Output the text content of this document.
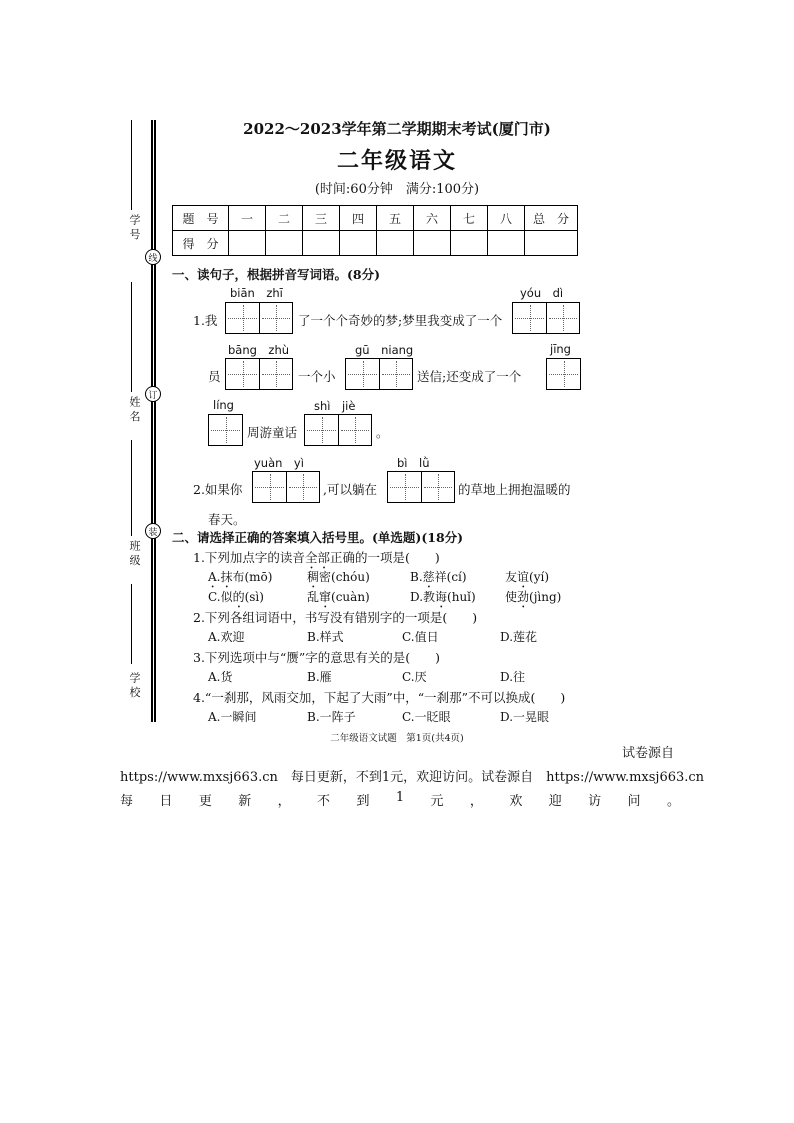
学 号
姓 名
班 级
学 校
线
订
装
2022～2023学年第二学期期末考试(厦门市)
二年级语文
(时间:60分钟　满分:100分)
题　号	一	二	三	四	五	六	七	八	总　分
得　分									
一、读句子，根据拼音写词语。(8分)
biān　zhī	yóu　dì
1.我	了一个个奇妙的梦;梦里我变成了一个
bāng　zhù	gū　niang	jīng
员	一个小	送信;还变成了一个
líng	shì　jiè
周游童话	。
yuàn　yì	bì　lǜ
2.如果你	,可以躺在	的草地上拥抱温暖的
春天。
二、请选择正确的答案填入括号里。(单选题)(18分)
1.下列加点字的读音全部正确的一项是(　　)
A.抹布(mō)	稠密(chóu)	B.慈祥(cí)	友谊(yí)
C.似的(sì)	乱窜(cuàn)	D.教诲(huǐ) 使劲(jìng)
2.下列各组词语中，书写没有错别字的一项是(　　)
A.欢迎	B.样式	C.值日	D.莲花
3.下列选项中与“赝”字的意思有关的是(　　)
A.货	B.雁	C.厌	D.往
4.“一刹那，风雨交加，下起了大雨”中，“一刹那”不可以换成(　　)
A.一瞬间	B.一阵子	C.一眨眼	D.一晃眼
二年级语文试题　第1页(共4页)
试卷源自
https://www.mxsj663.cn　每日更新，不到1元，欢迎访问。试卷源自　https://www.mxsj663.cn
每 日 更 新 ， 不 到 1 元 ， 欢 迎 访 问 。
